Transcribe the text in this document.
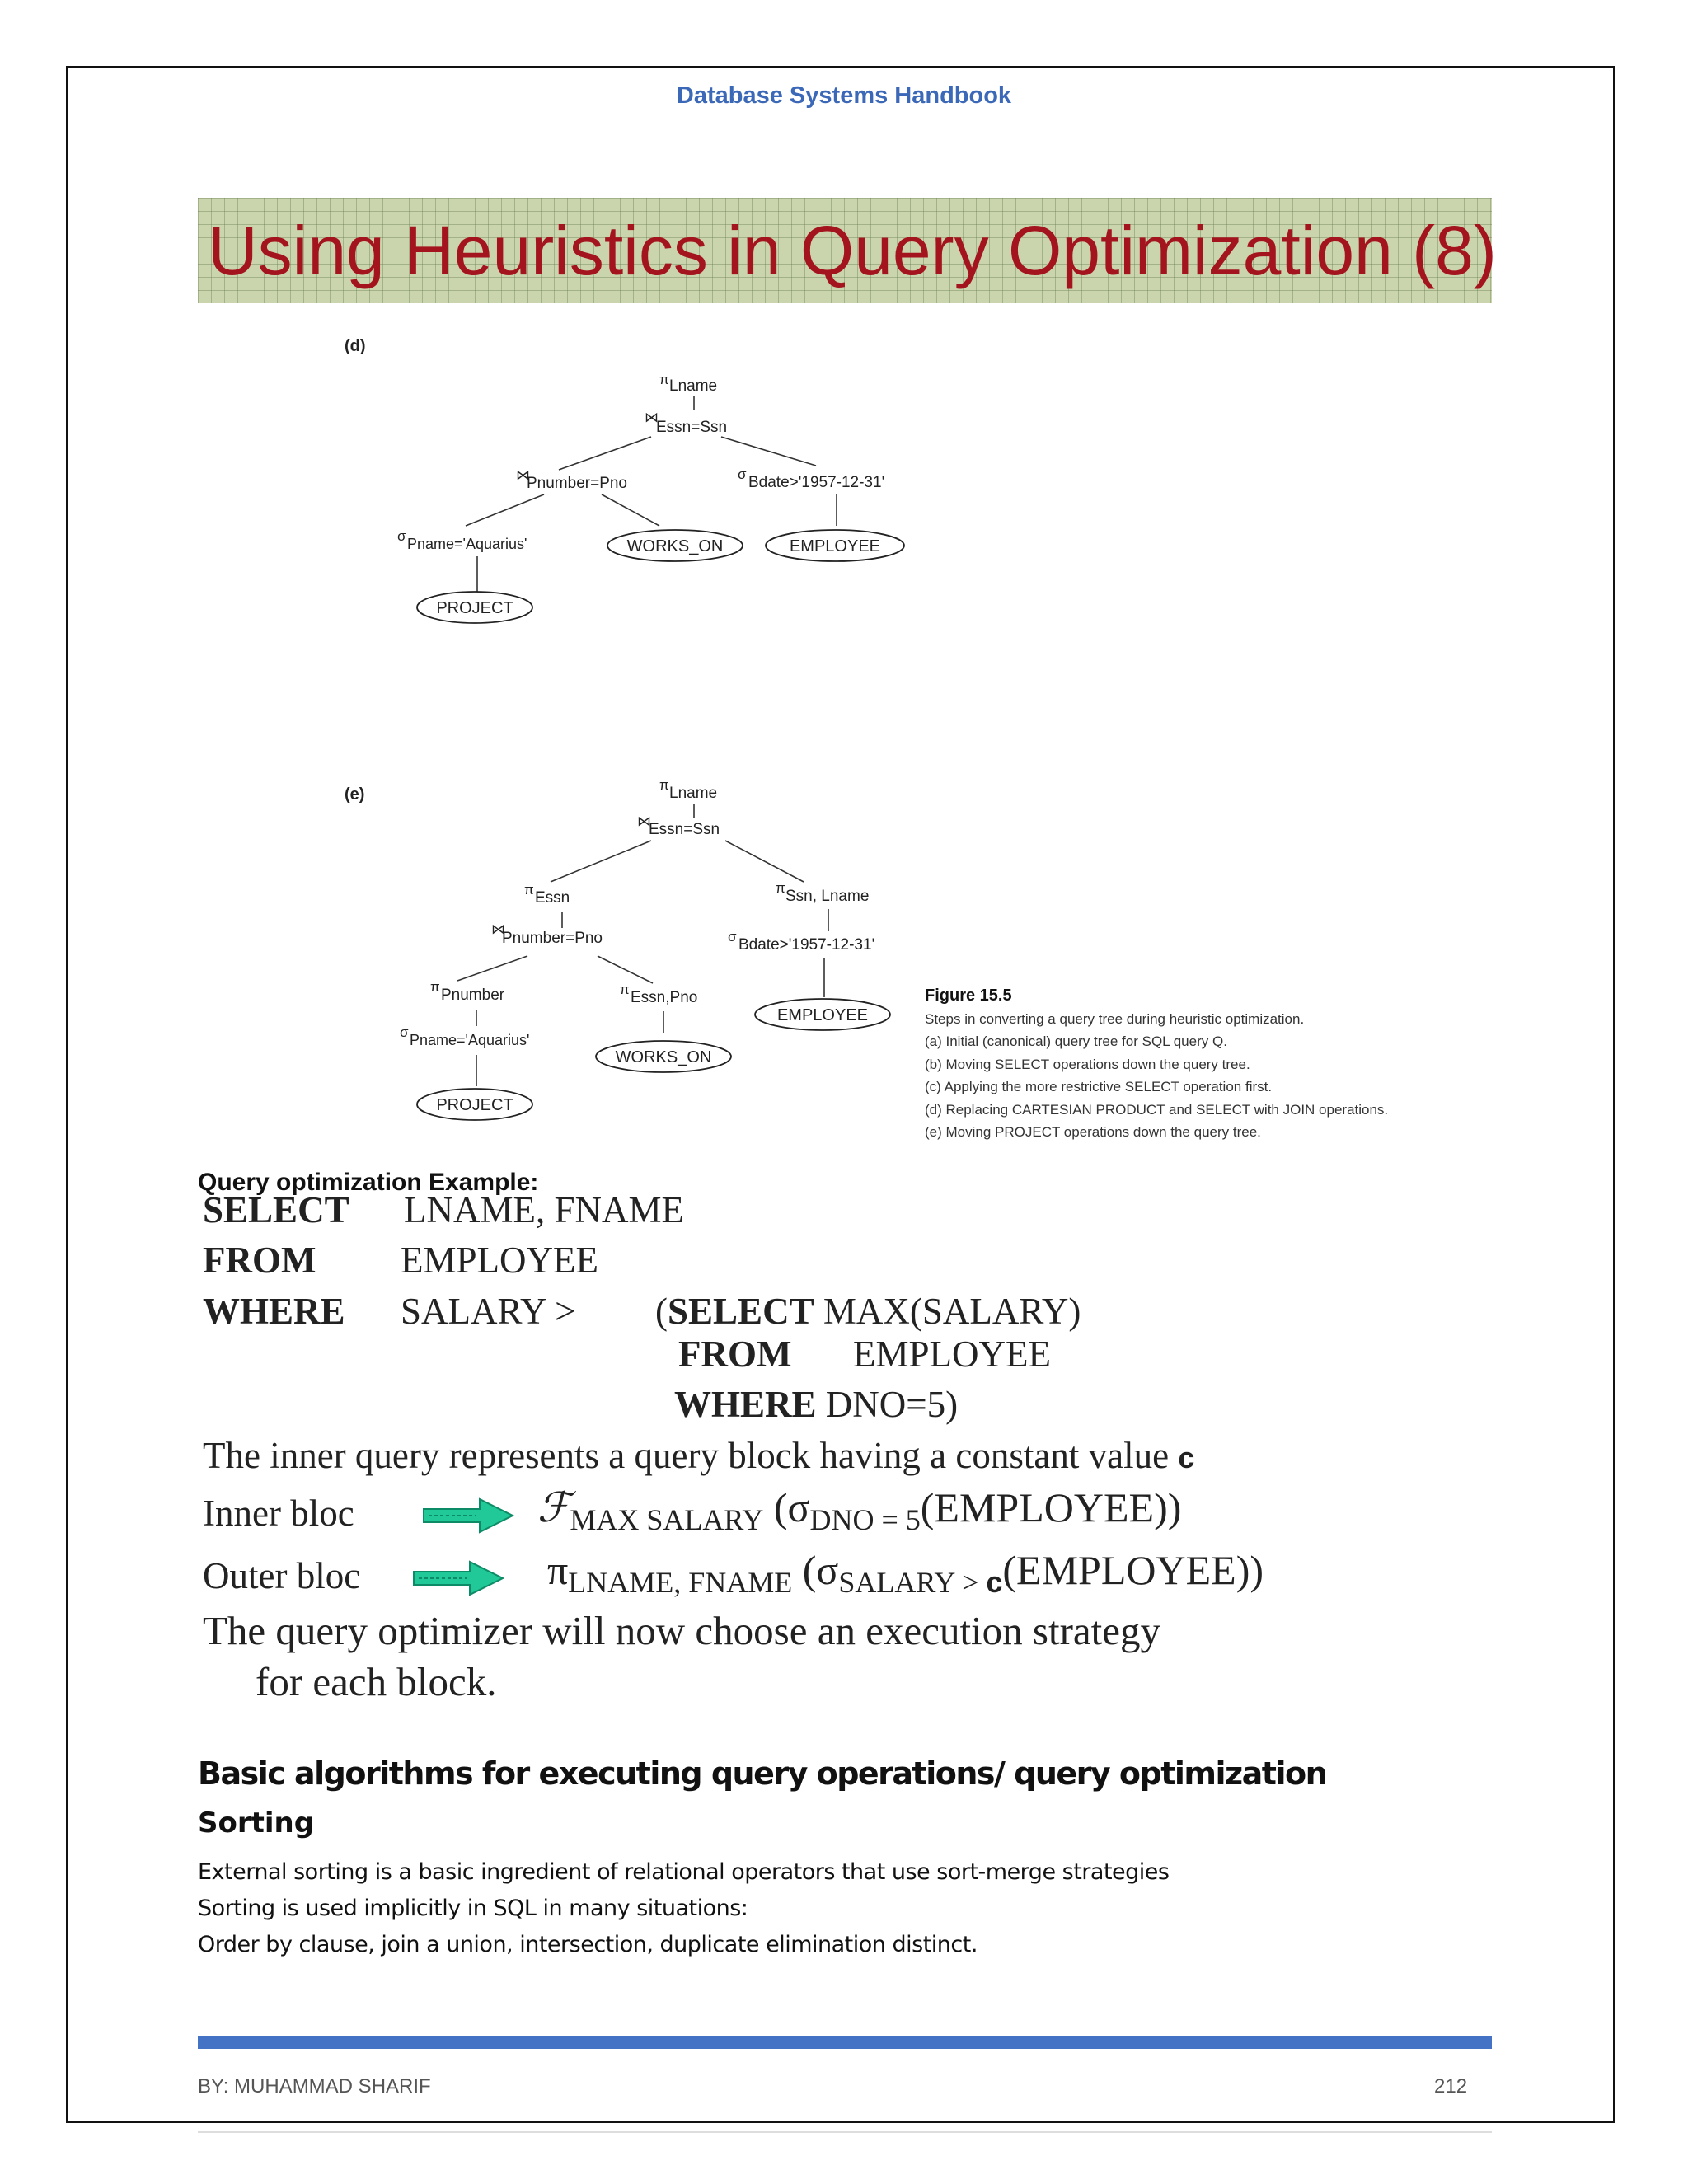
Database Systems Handbook
Using Heuristics in Query Optimization (8)
(d)
π Lname
⋈
Essn=Ssn
⋈
Pnumber=Pno
σ Bdate>'1957-12-31'
σ Pname='Aquarius'	WORKS_ON	EMPLOYEE
PROJECT
(e)
π Lname
⋈
Essn=Ssn
π Essn
π Ssn, Lname
⋈
Pnumber=Pno	σ Bdate>'1957-12-31'
π Pnumber	π Essn,Pno
σ Pname='Aquarius'
EMPLOYEE
WORKS_ON
PROJECT
Figure 15.5
Steps in converting a query tree during heuristic optimization.
(a) Initial (canonical) query tree for SQL query Q.
(b) Moving SELECT operations down the query tree.
(c) Applying the more restrictive SELECT operation first.
(d) Replacing CARTESIAN PRODUCT and SELECT with JOIN operations.
(e) Moving PROJECT operations down the query tree.
Query optimization Example:
SELECT LNAME, FNAME
FROM EMPLOYEE
WHERE SALARY > (SELECT MAX(SALARY)
FROM EMPLOYEE
WHERE DNO=5)
The inner query represents a query block having a constant value c
Inner bloc	ℱ$_{MAX SALARY}$ $(\sigma_{DNO = 5}(EMPLOYEE))$
Outer bloc	$\pi_{LNAME, FNAME}$ $(\sigma_{SALARY > c}(EMPLOYEE))$
The query optimizer will now choose an execution strategy
for each block.
Basic algorithms for executing query operations/ query optimization
Sorting
External sorting is a basic ingredient of relational operators that use sort-merge strategies
Sorting is used implicitly in SQL in many situations:
Order by clause, join a union, intersection, duplicate elimination distinct.
BY: MUHAMMAD SHARIF	212
